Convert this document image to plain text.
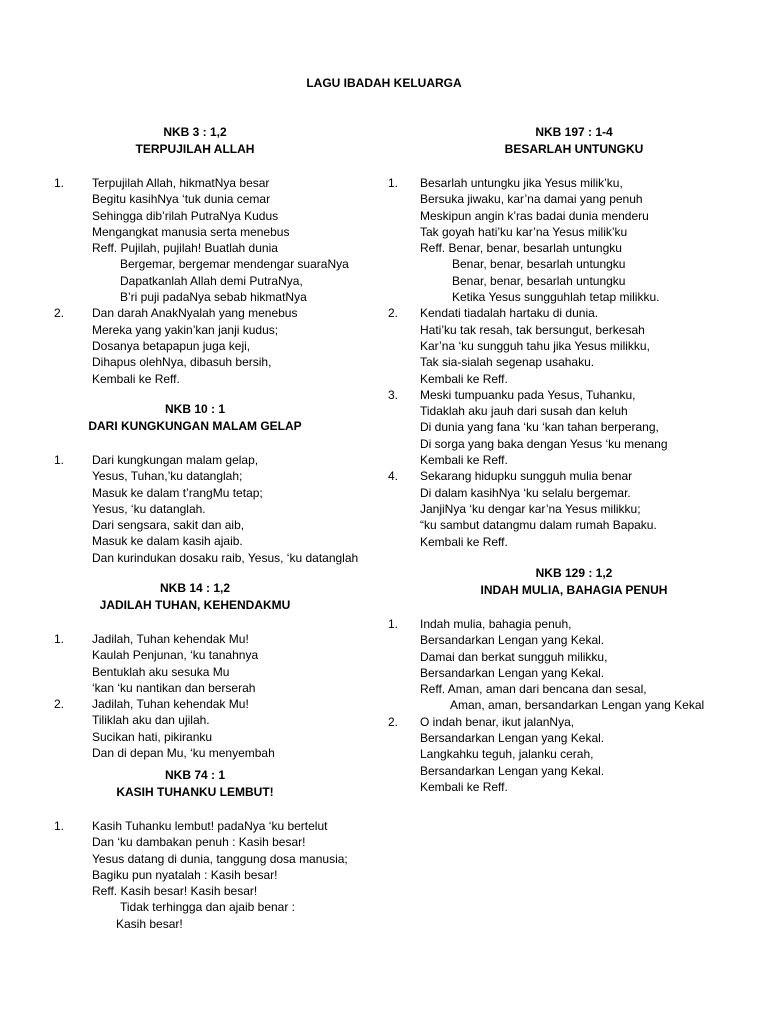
LAGU IBADAH KELUARGA
NKB 3 : 1,2
TERPUJILAH ALLAH
1. Terpujilah Allah, hikmatNya besar
Begitu kasihNya ‘tuk dunia cemar
Sehingga dib’rilah PutraNya Kudus
Mengangkat manusia serta menebus
Reff. Pujilah, pujilah! Buatlah dunia
Bergemar, bergemar mendengar suaraNya
Dapatkanlah Allah demi PutraNya,
B’ri puji padaNya sebab hikmatNya
2. Dan darah AnakNyalah yang menebus
Mereka yang yakin’kan janji kudus;
Dosanya betapapun juga keji,
Dihapus olehNya, dibasuh bersih,
Kembali ke Reff.
NKB 10 : 1
DARI KUNGKUNGAN MALAM GELAP
1. Dari kungkungan malam gelap,
Yesus, Tuhan,’ku datanglah;
Masuk ke dalam t’rangMu tetap;
Yesus, ‘ku datanglah.
Dari sengsara, sakit dan aib,
Masuk ke dalam kasih ajaib.
Dan kurindukan dosaku raib, Yesus, ‘ku datanglah
NKB 14 : 1,2
JADILAH TUHAN, KEHENDAKMU
1. Jadilah, Tuhan kehendak Mu!
Kaulah Penjunan, ‘ku tanahnya
Bentuklah aku sesuka Mu
‘kan ‘ku nantikan dan berserah
2. Jadilah, Tuhan kehendak Mu!
Tiliklah aku dan ujilah.
Sucikan hati, pikiranku
Dan di depan Mu, ‘ku menyembah
NKB 74 : 1
KASIH TUHANKU LEMBUT!
1. Kasih Tuhanku lembut! padaNya ‘ku bertelut
Dan ‘ku dambakan penuh : Kasih besar!
Yesus datang di dunia, tanggung dosa manusia;
Bagiku pun nyatalah : Kasih besar!
Reff. Kasih besar! Kasih besar!
Tidak terhingga dan ajaib benar :
Kasih besar!
NKB 197 : 1-4
BESARLAH UNTUNGKU
1. Besarlah untungku jika Yesus milik’ku,
Bersuka jiwaku, kar’na damai yang penuh
Meskipun angin k’ras badai dunia menderu
Tak goyah hati’ku kar’na Yesus milik’ku
Reff. Benar, benar, besarlah untungku
Benar, benar, besarlah untungku
Benar, benar, besarlah untungku
Ketika Yesus sungguhlah tetap milikku.
2. Kendati tiadalah hartaku di dunia.
Hati’ku tak resah, tak bersungut, berkesah
Kar’na ‘ku sungguh tahu jika Yesus milikku,
Tak sia-sialah segenap usahaku.
Kembali ke Reff.
3. Meski tumpuanku pada Yesus, Tuhanku,
Tidaklah aku jauh dari susah dan keluh
Di dunia yang fana ‘ku ‘kan tahan berperang,
Di sorga yang baka dengan Yesus ‘ku menang
Kembali ke Reff.
4. Sekarang hidupku sungguh mulia benar
Di dalam kasihNya ‘ku selalu bergemar.
JanjiNya ‘ku dengar kar’na Yesus milikku;
“ku sambut datangmu dalam rumah Bapaku.
Kembali ke Reff.
NKB 129 : 1,2
INDAH MULIA, BAHAGIA PENUH
1. Indah mulia, bahagia penuh,
Bersandarkan Lengan yang Kekal.
Damai dan berkat sungguh milikku,
Bersandarkan Lengan yang Kekal.
Reff. Aman, aman dari bencana dan sesal,
Aman, aman, bersandarkan Lengan yang Kekal
2. O indah benar, ikut jalanNya,
Bersandarkan Lengan yang Kekal.
Langkahku teguh, jalanku cerah,
Bersandarkan Lengan yang Kekal.
Kembali ke Reff.
